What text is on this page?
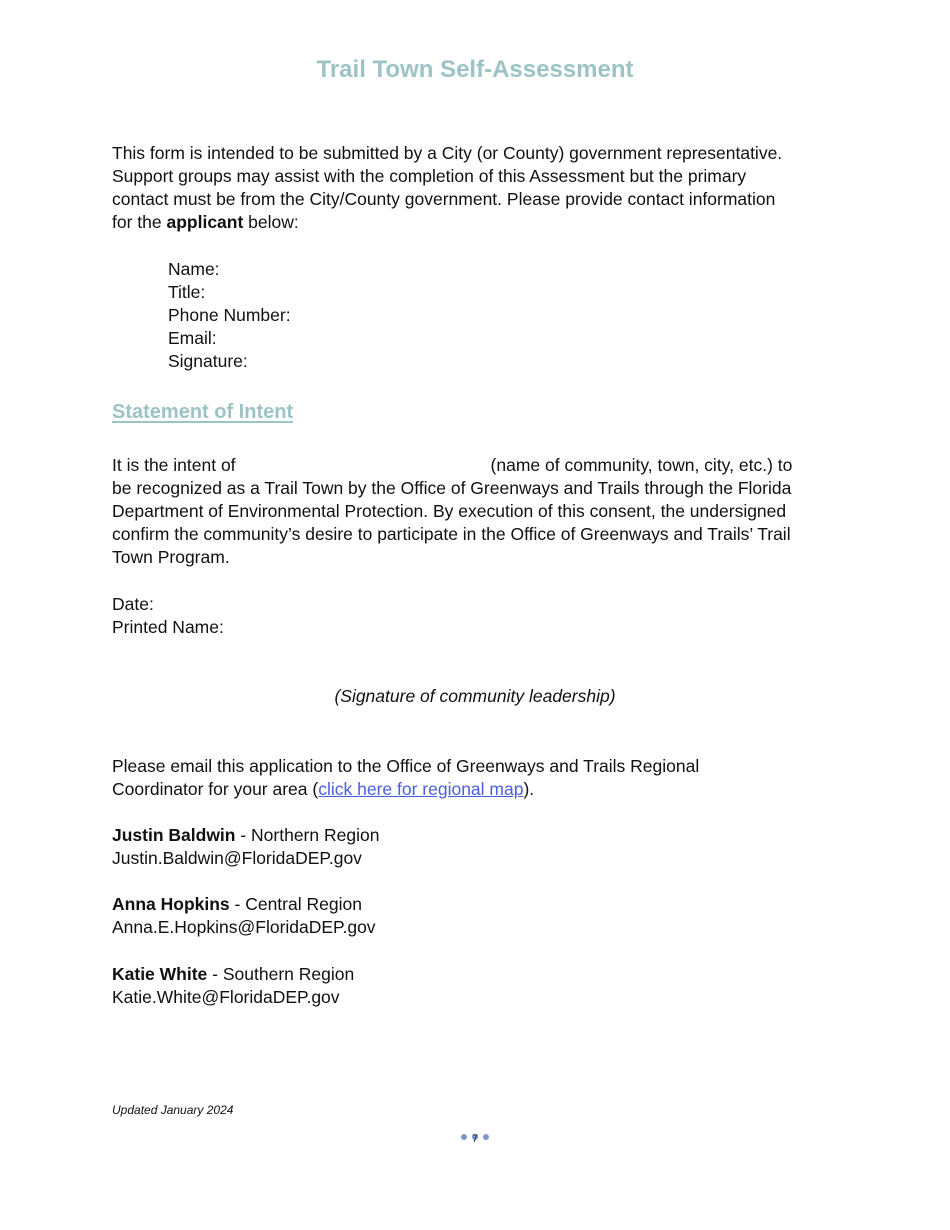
Trail Town Self-Assessment
This form is intended to be submitted by a City (or County) government representative.
Support groups may assist with the completion of this Assessment but the primary
contact must be from the City/County government. Please provide contact information
for the applicant below:
Name:
Title:
Phone Number:
Email:
Signature:
Statement of Intent
It is the intent of	(name of community, town, city, etc.) to
be recognized as a Trail Town by the Office of Greenways and Trails through the Florida
Department of Environmental Protection. By execution of this consent, the undersigned
confirm the community’s desire to participate in the Office of Greenways and Trails’ Trail
Town Program.
Date:
Printed Name:
(Signature of community leadership)
Please email this application to the Office of Greenways and Trails Regional
Coordinator for your area (click here for regional map).
Justin Baldwin - Northern Region
Justin.Baldwin@FloridaDEP.gov
Anna Hopkins - Central Region
Anna.E.Hopkins@FloridaDEP.gov
Katie White - Southern Region
Katie.White@FloridaDEP.gov
Updated January 2024
7
